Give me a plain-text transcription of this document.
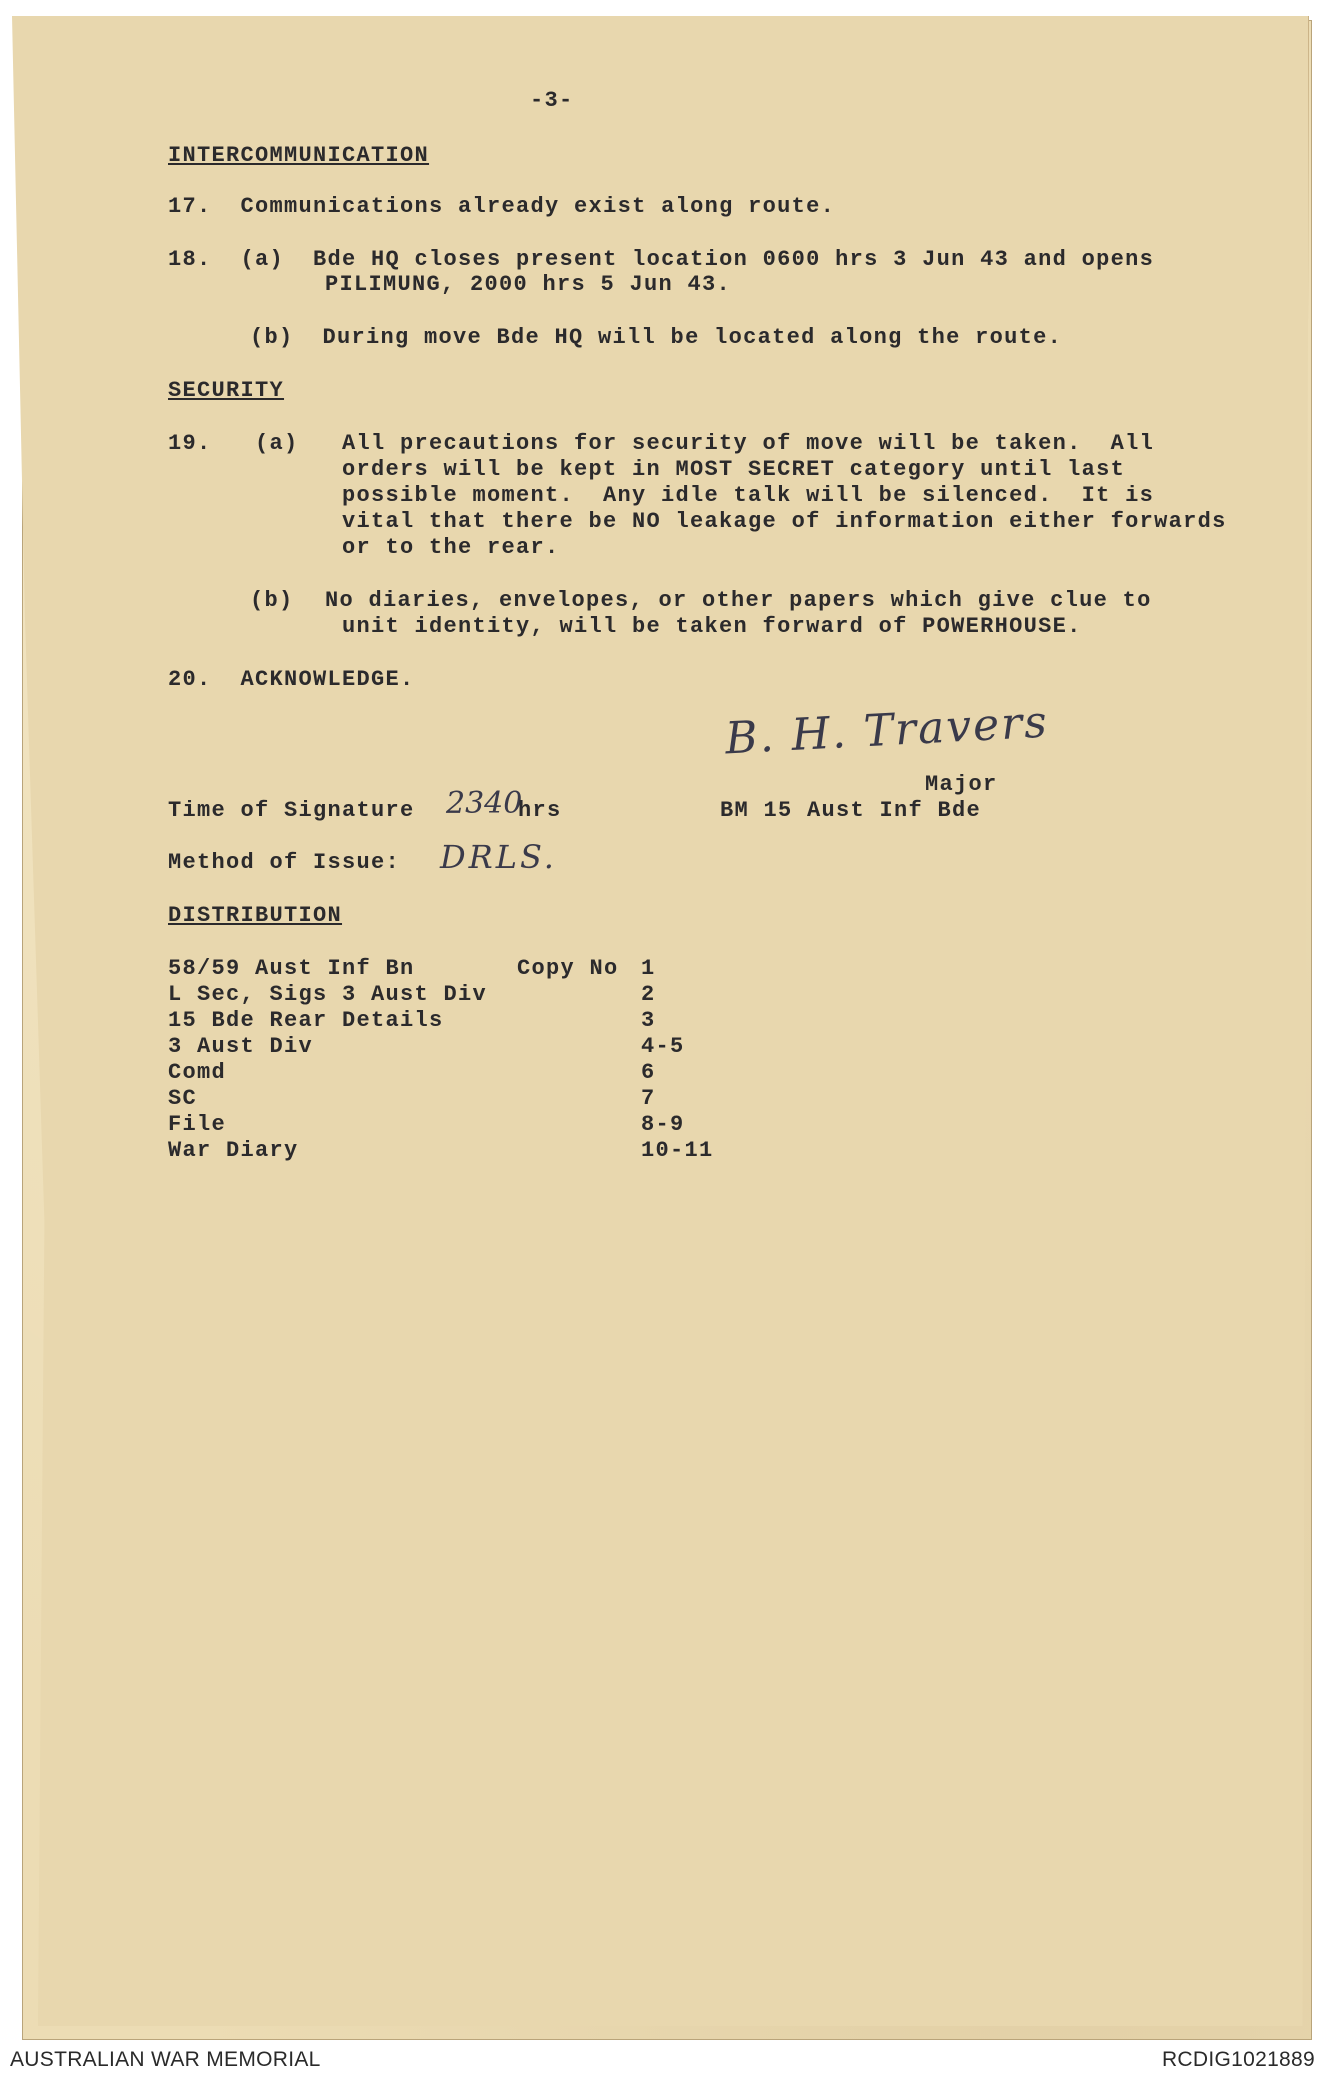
-3-
INTERCOMMUNICATION
17.  Communications already exist along route.
18.  (a)  Bde HQ closes present location 0600 hrs 3 Jun 43 and opens
PILIMUNG, 2000 hrs 5 Jun 43.
(b)  During move Bde HQ will be located along the route.
SECURITY
19.   (a) All precautions for security of move will be taken.  All
orders will be kept in MOST SECRET category until last
possible moment.  Any idle talk will be silenced.  It is
vital that there be NO leakage of information either forwards
or to the rear.
(b) No diaries, envelopes, or other papers which give clue to
unit identity, will be taken forward of POWERHOUSE.
20.  ACKNOWLEDGE.
B. H. Travers
Major
BM 15 Aust Inf Bde
Time of Signature 2340
hrs
Method of Issue: DRLS.
DISTRIBUTION
Copy No
58/59 Aust Inf Bn	1
L Sec, Sigs 3 Aust Div	2
15 Bde Rear Details	3
3 Aust Div	4-5
Comd	6
SC	7
File	8-9
War Diary	10-11
AUSTRALIAN WAR MEMORIAL	RCDIG1021889
